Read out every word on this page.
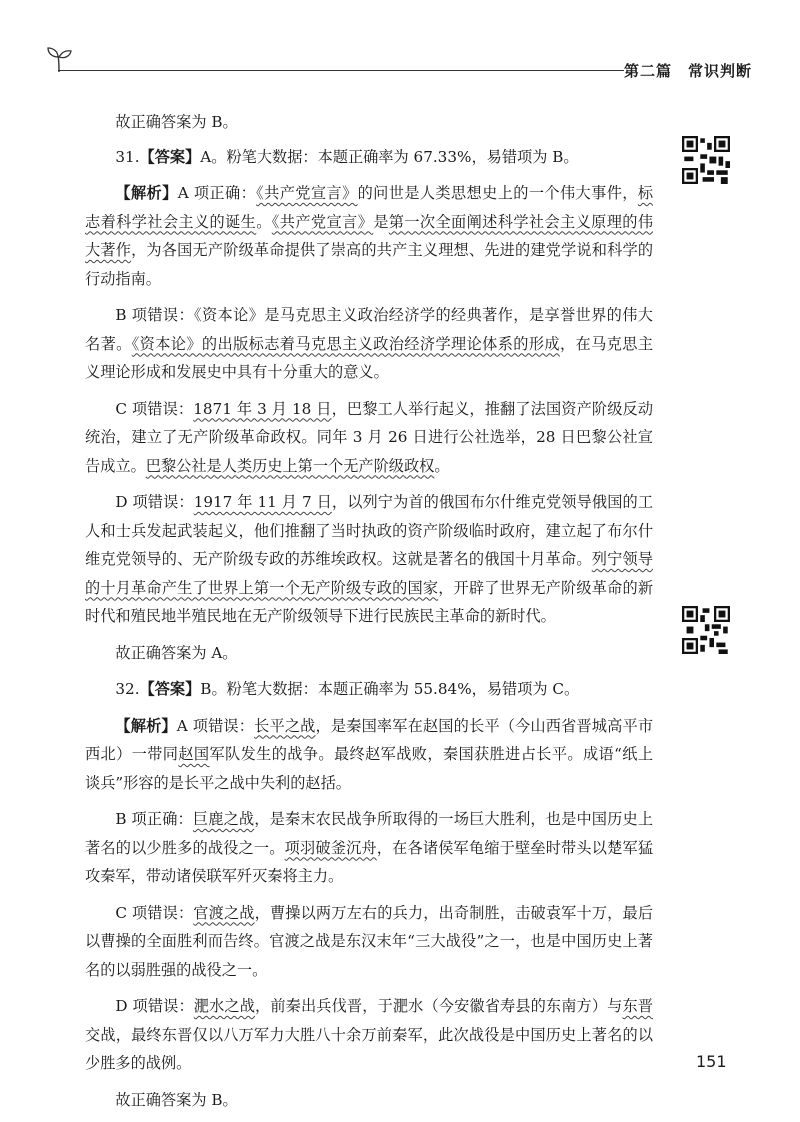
第二篇　常识判断

故正确答案为 B。

31.【答案】A。粉笔大数据：本题正确率为 67.33%，易错项为 B。

【解析】A 项正确：《共产党宣言》的问世是人类思想史上的一个伟大事件，标志着科学社会主义的诞生。《共产党宣言》是第一次全面阐述科学社会主义原理的伟大著作，为各国无产阶级革命提供了崇高的共产主义理想、先进的建党学说和科学的行动指南。

B 项错误：《资本论》是马克思主义政治经济学的经典著作，是享誉世界的伟大名著。《资本论》的出版标志着马克思主义政治经济学理论体系的形成，在马克思主义理论形成和发展史中具有十分重大的意义。

C 项错误：1871 年 3 月 18 日，巴黎工人举行起义，推翻了法国资产阶级反动统治，建立了无产阶级革命政权。同年 3 月 26 日进行公社选举，28 日巴黎公社宣告成立。巴黎公社是人类历史上第一个无产阶级政权。

D 项错误：1917 年 11 月 7 日，以列宁为首的俄国布尔什维克党领导俄国的工人和士兵发起武装起义，他们推翻了当时执政的资产阶级临时政府，建立起了布尔什维克党领导的、无产阶级专政的苏维埃政权。这就是著名的俄国十月革命。列宁领导的十月革命产生了世界上第一个无产阶级专政的国家，开辟了世界无产阶级革命的新时代和殖民地半殖民地在无产阶级领导下进行民族民主革命的新时代。

故正确答案为 A。

32.【答案】B。粉笔大数据：本题正确率为 55.84%，易错项为 C。

【解析】A 项错误：长平之战，是秦国率军在赵国的长平（今山西省晋城高平市西北）一带同赵国军队发生的战争。最终赵军战败，秦国获胜进占长平。成语“纸上谈兵”形容的是长平之战中失利的赵括。

B 项正确：巨鹿之战，是秦末农民战争所取得的一场巨大胜利，也是中国历史上著名的以少胜多的战役之一。项羽破釜沉舟，在各诸侯军龟缩于壁垒时带头以楚军猛攻秦军，带动诸侯联军歼灭秦将主力。

C 项错误：官渡之战，曹操以两万左右的兵力，出奇制胜，击破袁军十万，最后以曹操的全面胜利而告终。官渡之战是东汉末年“三大战役”之一，也是中国历史上著名的以弱胜强的战役之一。

D 项错误：淝水之战，前秦出兵伐晋，于淝水（今安徽省寿县的东南方）与东晋交战，最终东晋仅以八万军力大胜八十余万前秦军，此次战役是中国历史上著名的以少胜多的战例。

故正确答案为 B。

151
